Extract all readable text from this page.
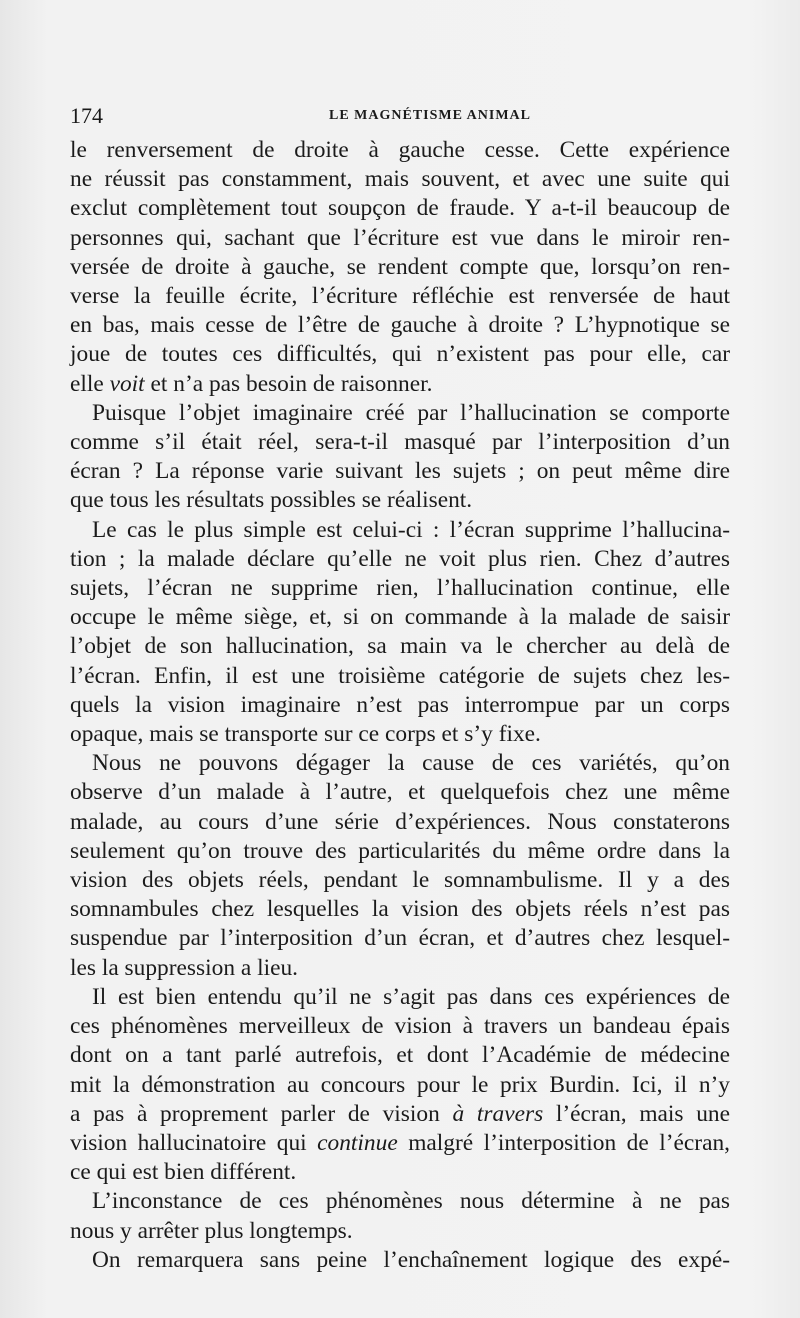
174	LE MAGNÉTISME ANIMAL
le renversement de droite à gauche cesse. Cette expérience
ne réussit pas constamment, mais souvent, et avec une suite qui
exclut complètement tout soupçon de fraude. Y a-t-il beaucoup de
personnes qui, sachant que l’écriture est vue dans le miroir ren-
versée de droite à gauche, se rendent compte que, lorsqu’on ren-
verse la feuille écrite, l’écriture réfléchie est renversée de haut
en bas, mais cesse de l’être de gauche à droite ? L’hypnotique se
joue de toutes ces difficultés, qui n’existent pas pour elle, car
elle voit et n’a pas besoin de raisonner.
Puisque l’objet imaginaire créé par l’hallucination se comporte
comme s’il était réel, sera-t-il masqué par l’interposition d’un
écran ? La réponse varie suivant les sujets ; on peut même dire
que tous les résultats possibles se réalisent.
Le cas le plus simple est celui-ci : l’écran supprime l’hallucina-
tion ; la malade déclare qu’elle ne voit plus rien. Chez d’autres
sujets, l’écran ne supprime rien, l’hallucination continue, elle
occupe le même siège, et, si on commande à la malade de saisir
l’objet de son hallucination, sa main va le chercher au delà de
l’écran. Enfin, il est une troisième catégorie de sujets chez les-
quels la vision imaginaire n’est pas interrompue par un corps
opaque, mais se transporte sur ce corps et s’y fixe.
Nous ne pouvons dégager la cause de ces variétés, qu’on
observe d’un malade à l’autre, et quelquefois chez une même
malade, au cours d’une série d’expériences. Nous constaterons
seulement qu’on trouve des particularités du même ordre dans la
vision des objets réels, pendant le somnambulisme. Il y a des
somnambules chez lesquelles la vision des objets réels n’est pas
suspendue par l’interposition d’un écran, et d’autres chez lesquel-
les la suppression a lieu.
Il est bien entendu qu’il ne s’agit pas dans ces expériences de
ces phénomènes merveilleux de vision à travers un bandeau épais
dont on a tant parlé autrefois, et dont l’Académie de médecine
mit la démonstration au concours pour le prix Burdin. Ici, il n’y
a pas à proprement parler de vision à travers l’écran, mais une
vision hallucinatoire qui continue malgré l’interposition de l’écran,
ce qui est bien différent.
L’inconstance de ces phénomènes nous détermine à ne pas
nous y arrêter plus longtemps.
On remarquera sans peine l’enchaînement logique des expé-
